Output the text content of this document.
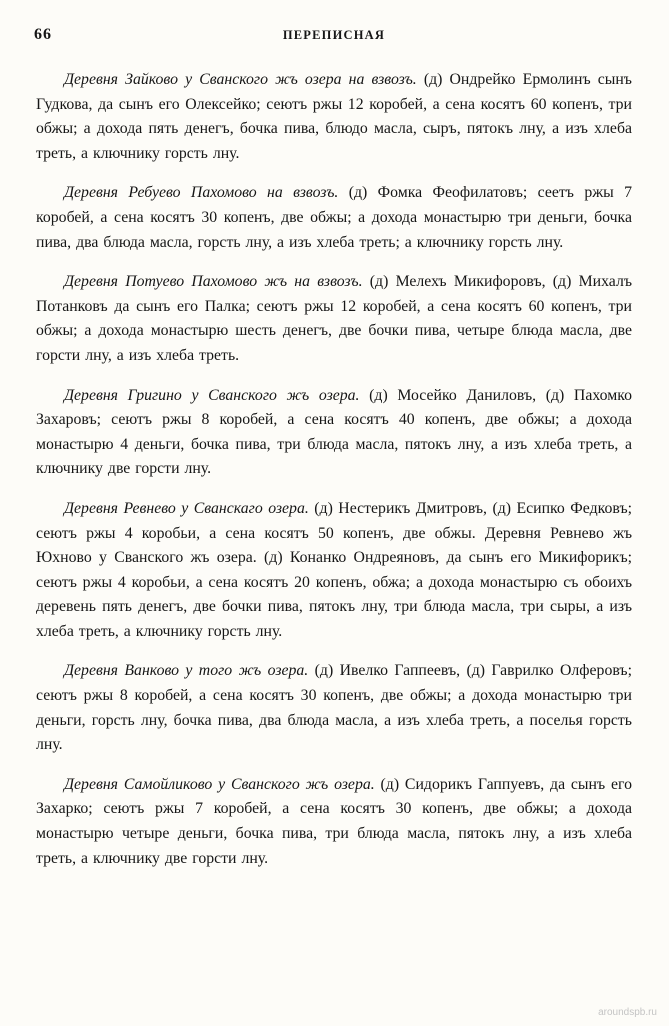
66	ПЕРЕПИСНАЯ

Деревня Зайково у Сванского жъ озера на взвозъ. (д) Ондрейко Ермолинъ сынъ Гудкова, да сынъ его Олексейко; сеютъ ржы 12 коробей, а сена косятъ 60 копенъ, три обжы; а дохода пять денегъ, бочка пива, блюдо масла, сыръ, пятокъ лну, а изъ хлеба треть, а ключнику горсть лну.

Деревня Ребуево Пахомово на взвозъ. (д) Фомка Феофилатовъ; сеетъ ржы 7 коробей, а сена косятъ 30 копенъ, две обжы; а дохода монастырю три деньги, бочка пива, два блюда масла, горсть лну, а изъ хлеба треть; а ключнику горсть лну.

Деревня Потуево Пахомово жъ на взвозъ. (д) Мелехъ Микифоровъ, (д) Михалъ Потанковъ да сынъ его Палка; сеютъ ржы 12 коробей, а сена косятъ 60 копенъ, три обжы; а дохода монастырю шесть денегъ, две бочки пива, четыре блюда масла, две горсти лну, а изъ хлеба треть.

Деревня Григино у Сванского жъ озера. (д) Мосейко Даниловъ, (д) Пахомко Захаровъ; сеютъ ржы 8 коробей, а сена косятъ 40 копенъ, две обжы; а дохода монастырю 4 деньги, бочка пива, три блюда масла, пятокъ лну, а изъ хлеба треть, а ключнику две горсти лну.

Деревня Ревнево у Сванскаго озера. (д) Нестерикъ Дмитровъ, (д) Есипко Федковъ; сеютъ ржы 4 коробьи, а сена косятъ 50 копенъ, две обжы. Деревня Ревнево жъ Юхново у Сванского жъ озера. (д) Конанко Ондреяновъ, да сынъ его Микифорикъ; сеютъ ржы 4 коробьи, а сена косятъ 20 копенъ, обжа; а дохода монастырю съ обоихъ деревень пять денегъ, две бочки пива, пятокъ лну, три блюда масла, три сыры, а изъ хлеба треть, а ключнику горсть лну.

Деревня Ванково у того жъ озера. (д) Ивелко Гаппеевъ, (д) Гаврилко Олферовъ; сеютъ ржы 8 коробей, а сена косятъ 30 копенъ, две обжы; а дохода монастырю три деньги, горсть лну, бочка пива, два блюда масла, а изъ хлеба треть, а поселья горсть лну.

Деревня Самойликово у Сванского жъ озера. (д) Сидорикъ Гаппуевъ, да сынъ его Захарко; сеютъ ржы 7 коробей, а сена косятъ 30 копенъ, две обжы; а дохода монастырю четыре деньги, бочка пива, три блюда масла, пятокъ лну, а изъ хлеба треть, а ключнику две горсти лну.

aroundspb.ru
